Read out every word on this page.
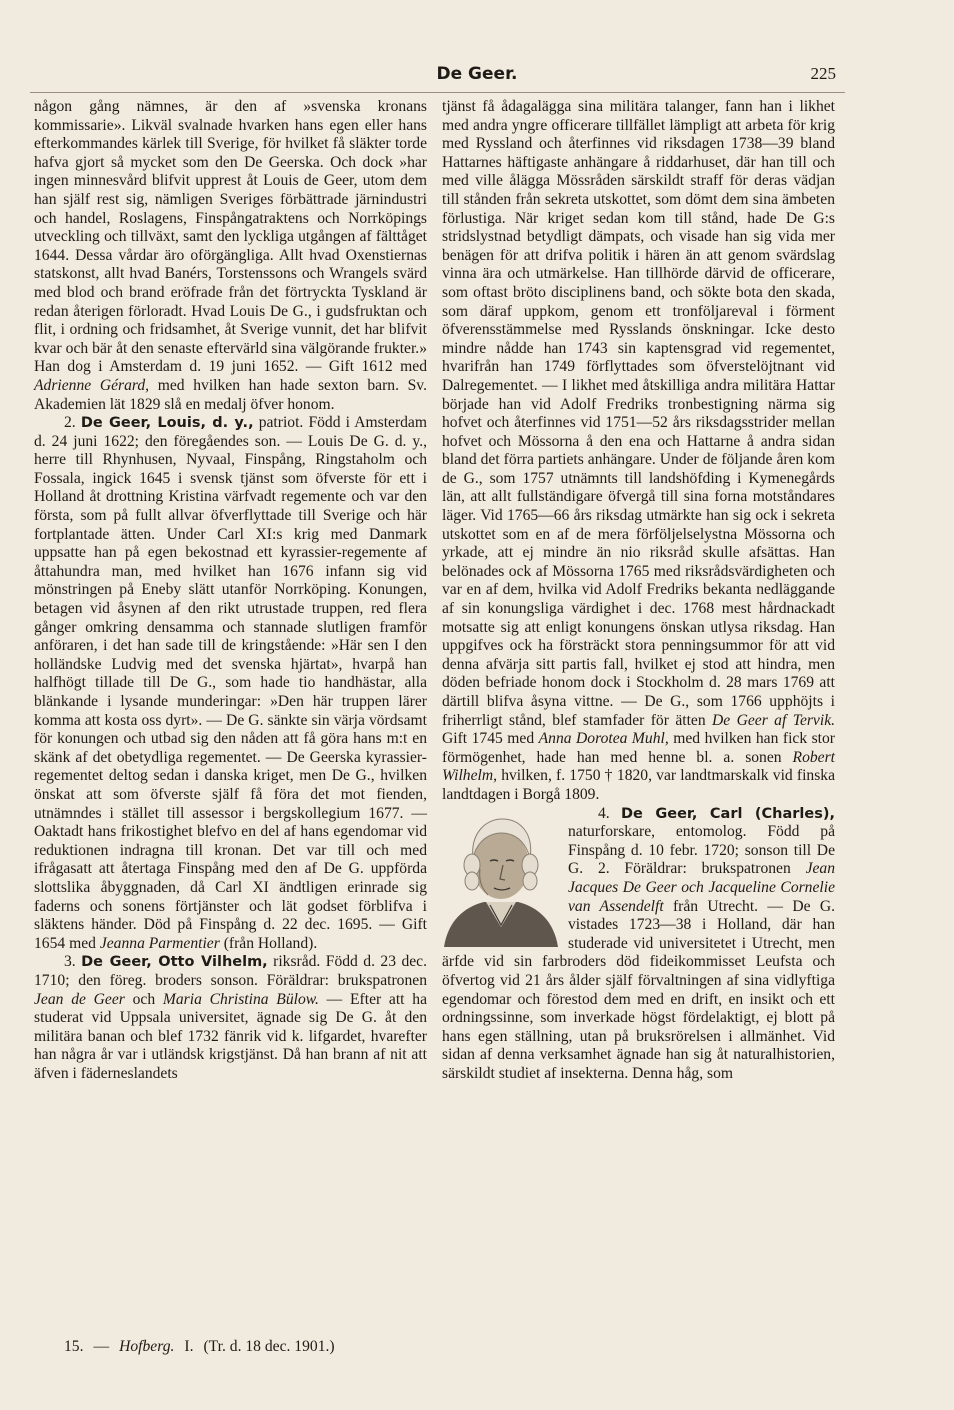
De Geer.	225

någon gång nämnes, är den af »svenska kronans kommissarie». Likväl svalnade hvarken hans egen eller hans efterkommandes kärlek till Sverige, för hvilket få släkter torde hafva gjort så mycket som den De Geerska. Och dock »har ingen minnesvård blifvit upprest åt Louis de Geer, utom dem han själf rest sig, nämligen Sveriges förbättrade järnindustri och handel, Roslagens, Finspångatraktens och Norrköpings utveckling och tillväxt, samt den lyckliga utgången af fälttåget 1644. Dessa vårdar äro oförgängliga. Allt hvad Oxenstiernas statskonst, allt hvad Banérs, Torstenssons och Wrangels svärd med blod och brand eröfrade från det förtryckta Tyskland är redan återigen förloradt. Hvad Louis De G., i gudsfruktan och flit, i ordning och fridsamhet, åt Sverige vunnit, det har blifvit kvar och bär åt den senaste eftervärld sina välgörande frukter.» Han dog i Amsterdam d. 19 juni 1652. — Gift 1612 med Adrienne Gérard, med hvilken han hade sexton barn. Sv. Akademien lät 1829 slå en medalj öfver honom.

2. De Geer, Louis, d. y., patriot. Född i Amsterdam d. 24 juni 1622; den föregåendes son. — Louis De G. d. y., herre till Rhynhusen, Nyvaal, Finspång, Ringstaholm och Fossala, ingick 1645 i svensk tjänst som öfverste för ett i Holland åt drottning Kristina värfvadt regemente och var den första, som på fullt allvar öfverflyttade till Sverige och här fortplantade ätten. Under Carl XI:s krig med Danmark uppsatte han på egen bekostnad ett kyrassier-regemente af åttahundra man, med hvilket han 1676 infann sig vid mönstringen på Eneby slätt utanför Norrköping. Konungen, betagen vid åsynen af den rikt utrustade truppen, red flera gånger omkring densamma och stannade slutligen framför anföraren, i det han sade till de kringstående: »Här sen I den holländske Ludvig med det svenska hjärtat», hvarpå han halfhögt tillade till De G., som hade tio handhästar, alla blänkande i lysande munderingar: »Den här truppen lärer komma att kosta oss dyrt». — De G. sänkte sin värja vördsamt för konungen och utbad sig den nåden att få göra hans m:t en skänk af det obetydliga regementet. — De Geerska kyrassier-regementet deltog sedan i danska kriget, men De G., hvilken önskat att som öfverste själf få föra det mot fienden, utnämndes i stället till assessor i bergskollegium 1677. — Oaktadt hans frikostighet blefvo en del af hans egendomar vid reduktionen indragna till kronan. Det var till och med ifrågasatt att återtaga Finspång med den af De G. uppförda slottslika åbyggnaden, då Carl XI ändtligen erinrade sig faderns och sonens förtjänster och lät godset förblifva i släktens händer. Död på Finspång d. 22 dec. 1695. — Gift 1654 med Jeanna Parmentier (från Holland).

3. De Geer, Otto Vilhelm, riksråd. Född d. 23 dec. 1710; den föreg. broders sonson. Föräldrar: brukspatronen Jean de Geer och Maria Christina Bülow. — Efter att ha studerat vid Uppsala universitet, ägnade sig De G. åt den militära banan och blef 1732 fänrik vid k. lifgardet, hvarefter han några år var i utländsk krigstjänst. Då han brann af nit att äfven i fäderneslandets

tjänst få ådagalägga sina militära talanger, fann han i likhet med andra yngre officerare tillfället lämpligt att arbeta för krig med Ryssland och återfinnes vid riksdagen 1738—39 bland Hattarnes häftigaste anhängare å riddarhuset, där han till och med ville ålägga Mössråden särskildt straff för deras vädjan till stånden från sekreta utskottet, som dömt dem sina ämbeten förlustiga. När kriget sedan kom till stånd, hade De G:s stridslystnad betydligt dämpats, och visade han sig vida mer benägen för att drifva politik i hären än att genom svärdslag vinna ära och utmärkelse. Han tillhörde därvid de officerare, som oftast bröto disciplinens band, och sökte bota den skada, som däraf uppkom, genom ett tronföljareval i förment öfverensstämmelse med Rysslands önskningar. Icke desto mindre nådde han 1743 sin kaptensgrad vid regementet, hvarifrån han 1749 förflyttades som öfverstelöjtnant vid Dalregementet. — I likhet med åtskilliga andra militära Hattar började han vid Adolf Fredriks tronbestigning närma sig hofvet och återfinnes vid 1751—52 års riksdagsstrider mellan hofvet och Mössorna å den ena och Hattarne å andra sidan bland det förra partiets anhängare. Under de följande åren kom de G., som 1757 utnämnts till landshöfding i Kymenegårds län, att allt fullständigare öfvergå till sina forna motståndares läger. Vid 1765—66 års riksdag utmärkte han sig ock i sekreta utskottet som en af de mera förföljelselystna Mössorna och yrkade, att ej mindre än nio riksråd skulle afsättas. Han belönades ock af Mössorna 1765 med riksrådsvärdigheten och var en af dem, hvilka vid Adolf Fredriks bekanta nedläggande af sin konungsliga värdighet i dec. 1768 mest hårdnackadt motsatte sig att enligt konungens önskan utlysa riksdag. Han uppgifves ock ha försträckt stora penningsummor för att vid denna afvärja sitt partis fall, hvilket ej stod att hindra, men döden befriade honom dock i Stockholm d. 28 mars 1769 att därtill blifva åsyna vittne. — De G., som 1766 upphöjts i friherrligt stånd, blef stamfader för ätten De Geer af Tervik. Gift 1745 med Anna Dorotea Muhl, med hvilken han fick stor förmögenhet, hade han med henne bl. a. sonen Robert Wilhelm, hvilken, f. 1750 † 1820, var landtmarskalk vid finska landtdagen i Borgå 1809.

4. De Geer, Carl (Charles),
naturforskare, entomolog. Född på Finspång d. 10 febr. 1720; sonson till De G. 2. Föräldrar: brukspatronen Jean Jacques De Geer och Jacqueline Cornelie van Assendelft från Utrecht. — De G. vistades 1723—38 i Holland, där han studerade vid universitetet i Utrecht, men ärfde vid sin farbroders död fideikommisset Leufsta och öfvertog vid 21 års ålder själf förvaltningen af sina vidlyftiga egendomar och förestod dem med en drift, en insikt och ett ordningssinne, som inverkade högst fördelaktigt, ej blott på hans egen ställning, utan på bruksrörelsen i allmänhet. Vid sidan af denna verksamhet ägnade han sig åt naturalhistorien, särskildt studiet af insekterna. Denna håg, som

15. — Hofberg. I. (Tr. d. 18 dec. 1901.)
